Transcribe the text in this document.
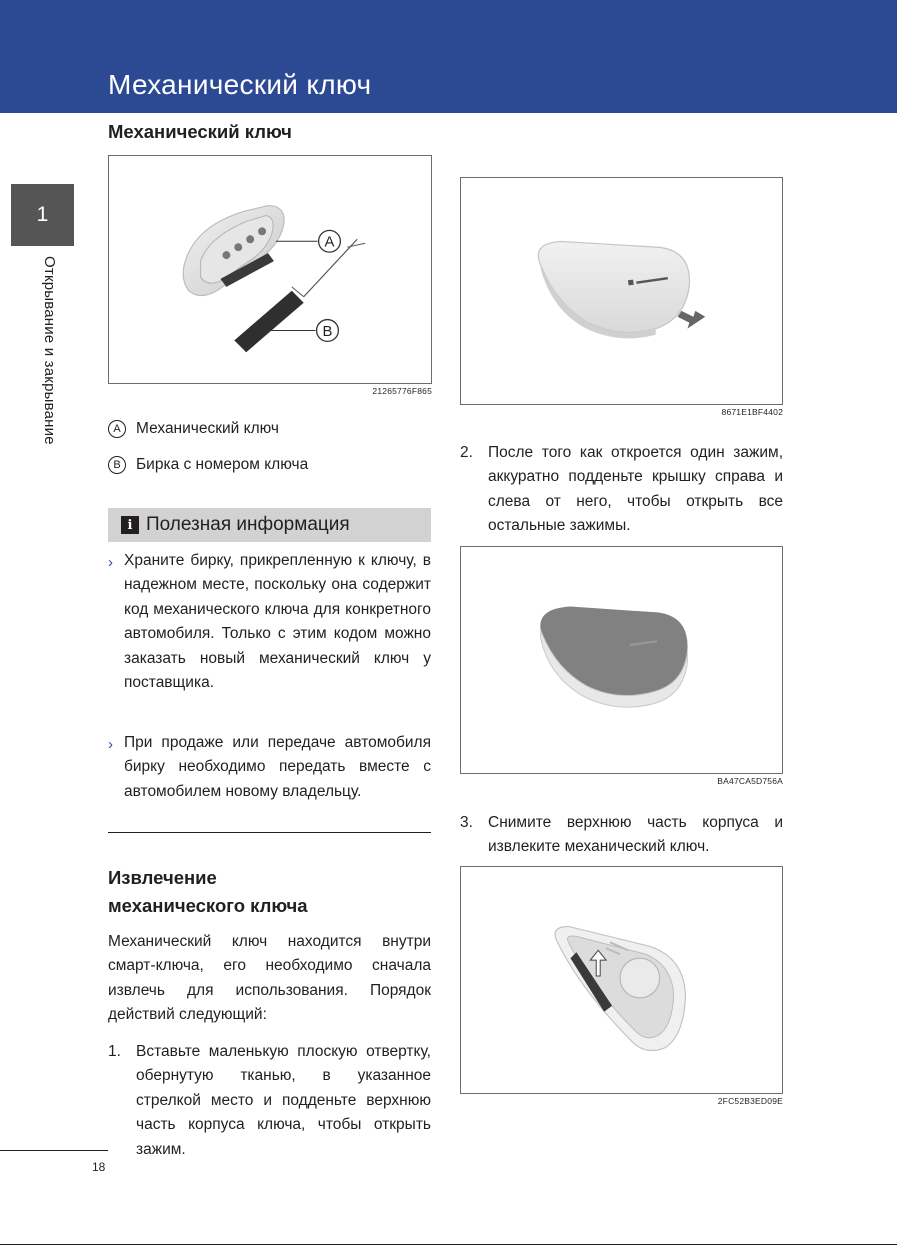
Механический ключ
1
Открывание и закрывание
Механический ключ
A
B
21265776F865
A Механический ключ
B Бирка с номером ключа
i Полезная информация
› Храните бирку, прикрепленную к ключу, в надежном месте, поскольку она содержит код механического ключа для конкретного автомобиля. Только с этим кодом можно заказать новый механический ключ у поставщика.
› При продаже или передаче автомобиля бирку необходимо передать вместе с автомобилем новому владельцу.
Извлечение
механического ключа
Механический ключ находится внутри смарт-ключа, его необходимо сначала извлечь для использования. Порядок действий следующий:
1. Вставьте маленькую плоскую отвертку, обернутую тканью, в указанное стрелкой место и подденьте верхнюю часть корпуса ключа, чтобы открыть зажим.
◼ ▬▬▬▬
8671E1BF4402
2. После того как откроется один зажим, аккуратно подденьте крышку справа и слева от него, чтобы открыть все остальные зажимы.
▬▬▬▬
BA47CA5D756A
3. Снимите верхнюю часть корпуса и извлеките механический ключ.
2FC52B3ED09E
18
